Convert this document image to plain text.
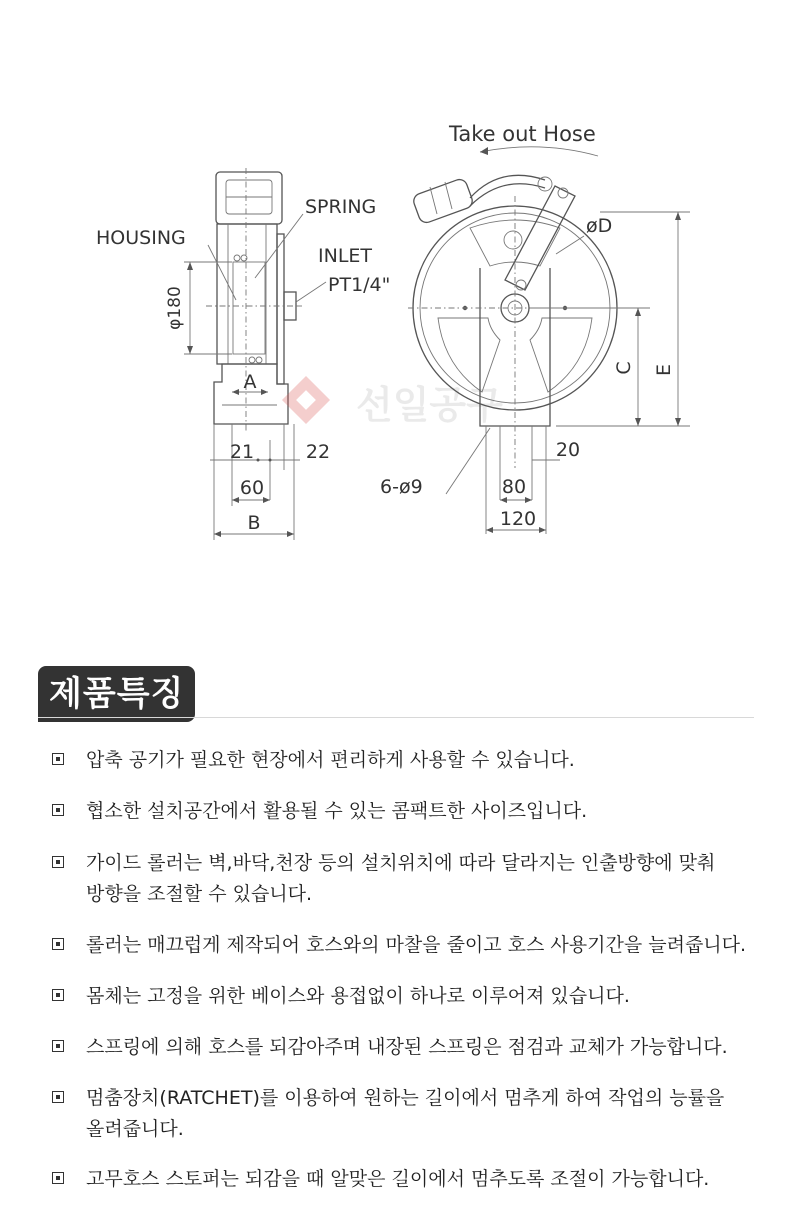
φ180
A
21	22
60
B
HOUSING
SPRING
INLET
PT1/4"
선일공구
Take out Hose
øD
E
C
20
6-ø9	80
120
제품특징
압축 공기가 필요한 현장에서 편리하게 사용할 수 있습니다.
협소한 설치공간에서 활용될 수 있는 콤팩트한 사이즈입니다.
가이드 롤러는 벽,바닥,천장 등의 설치위치에 따라 달라지는 인출방향에 맞춰
방향을 조절할 수 있습니다.
롤러는 매끄럽게 제작되어 호스와의 마찰을 줄이고 호스 사용기간을 늘려줍니다.
몸체는 고정을 위한 베이스와 용접없이 하나로 이루어져 있습니다.
스프링에 의해 호스를 되감아주며 내장된 스프링은 점검과 교체가 가능합니다.
멈춤장치(RATCHET)를 이용하여 원하는 길이에서 멈추게 하여 작업의 능률을
올려줍니다.
고무호스 스토퍼는 되감을 때 알맞은 길이에서 멈추도록 조절이 가능합니다.
